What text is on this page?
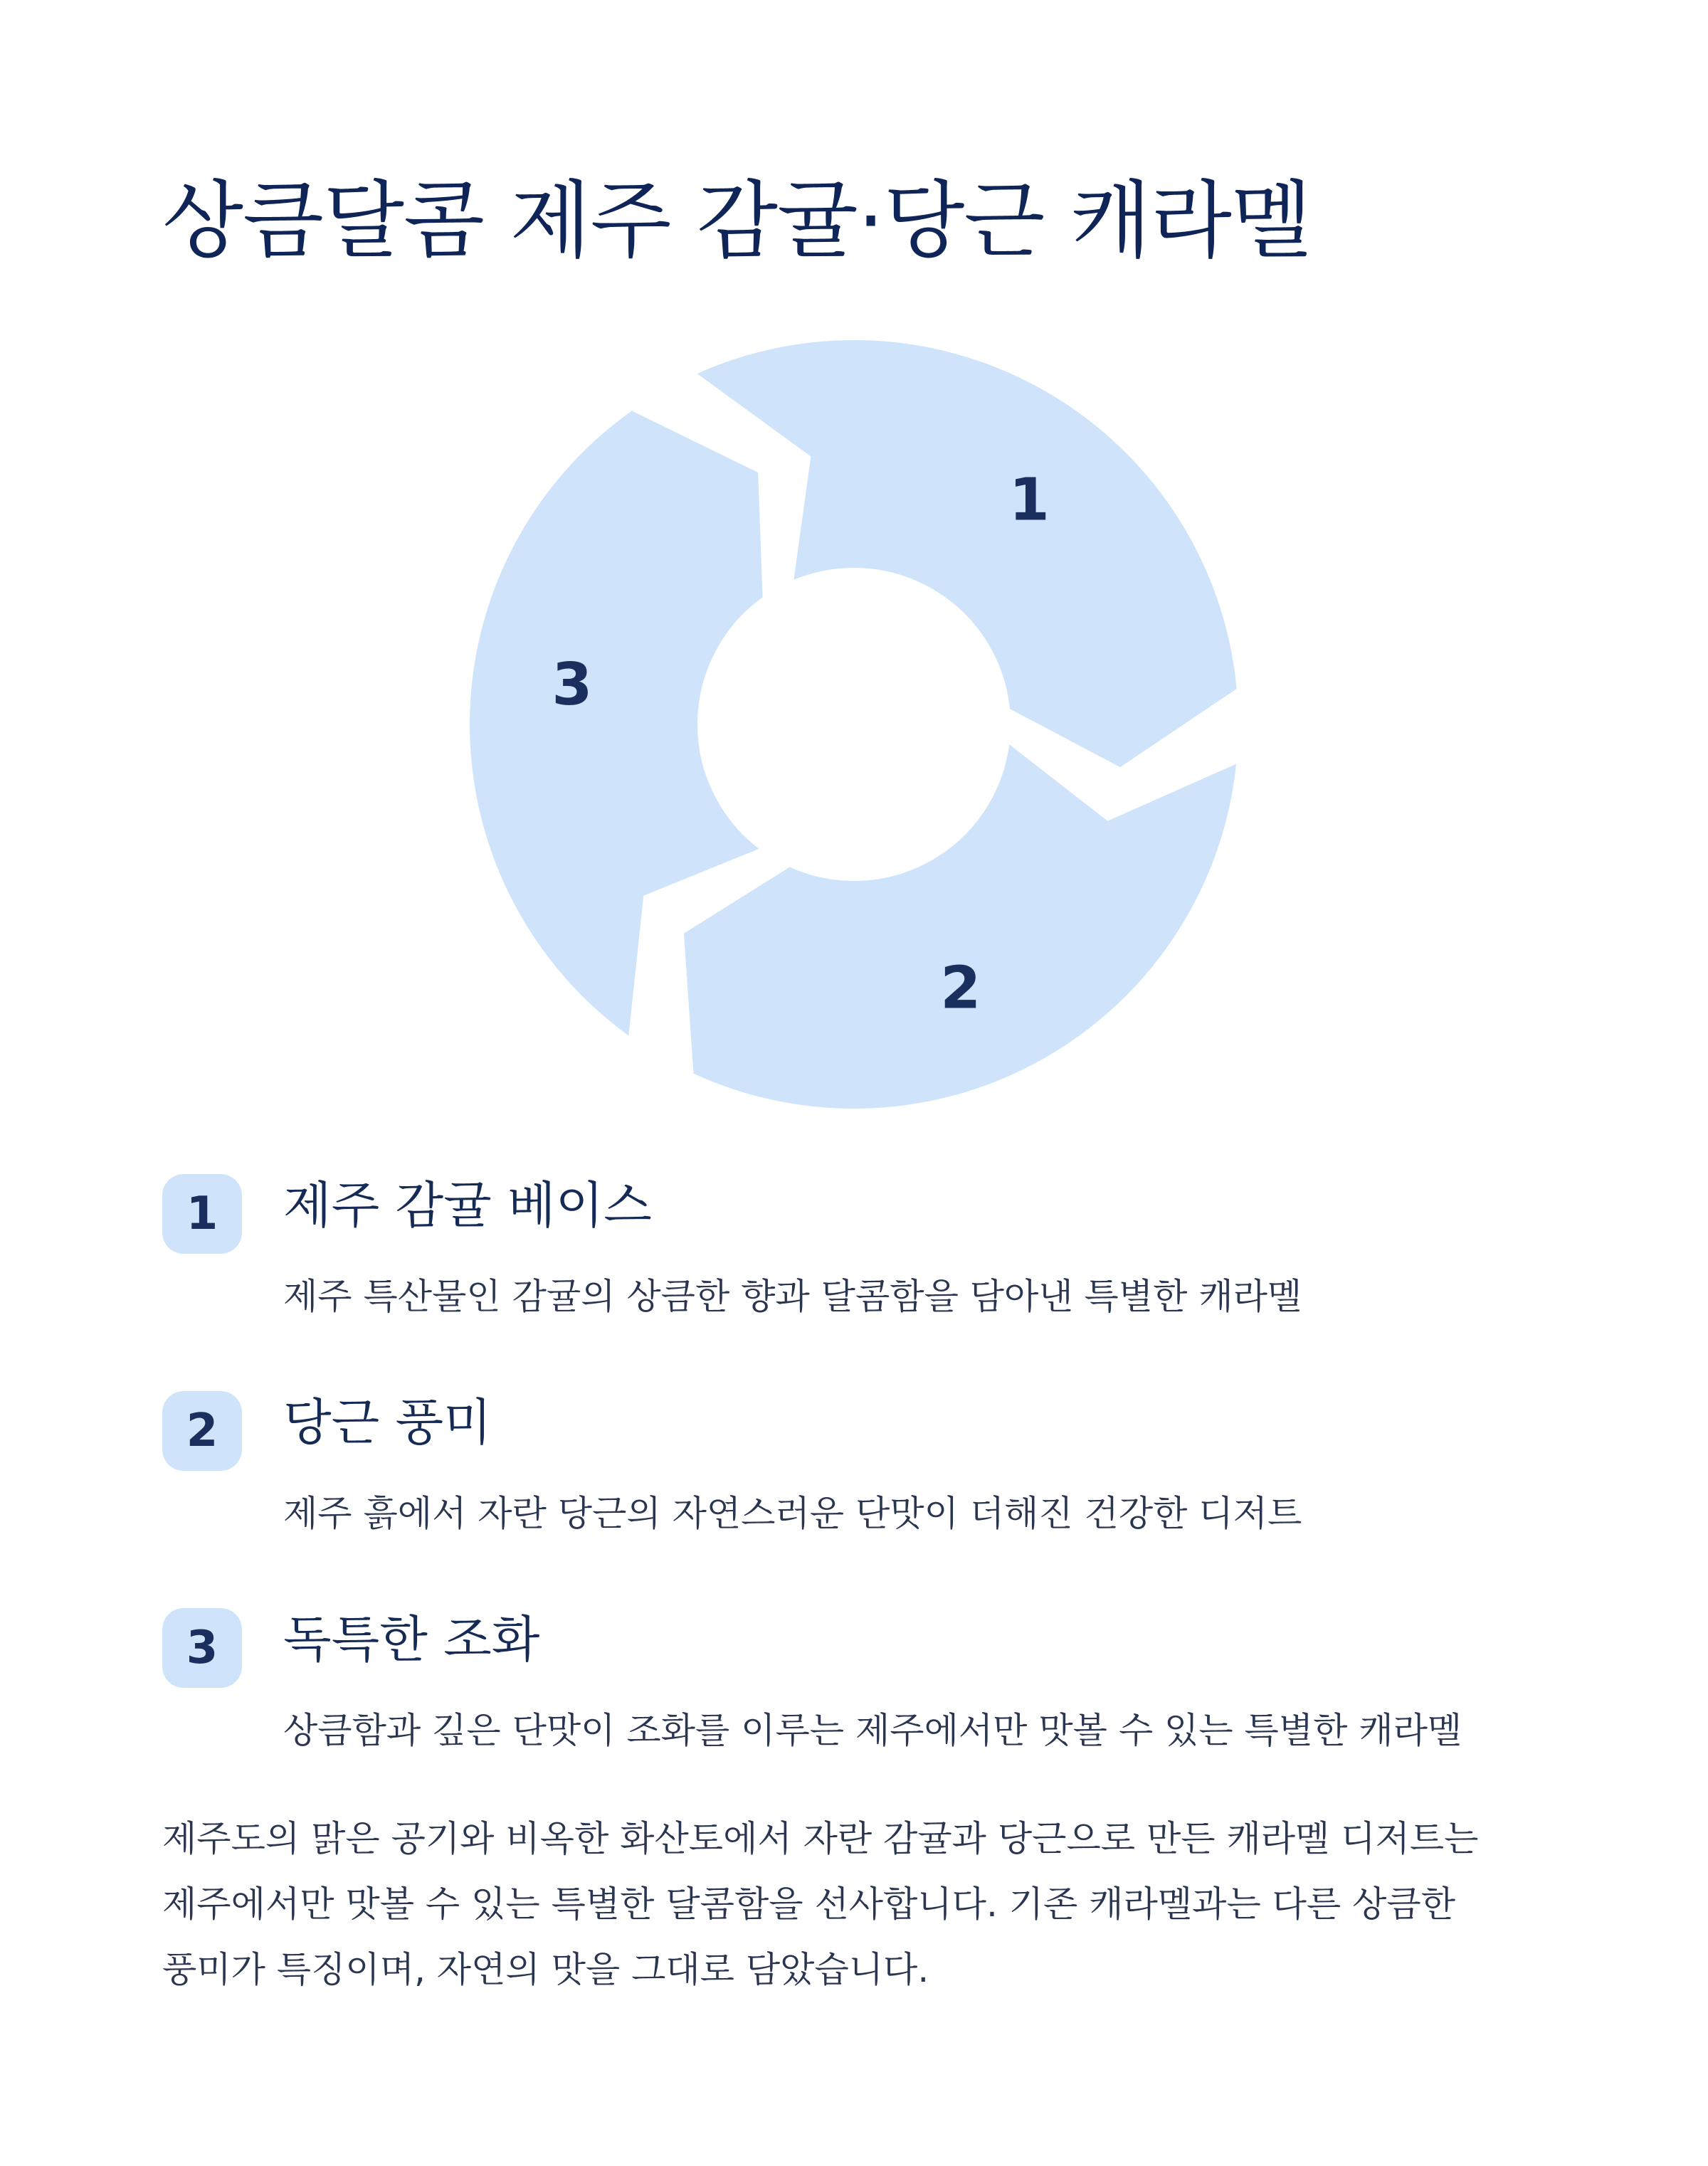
상큼달콤 제주 감귤·당근 캐라멜
1
2
3
1	제주 감귤 베이스
제주 특산물인 감귤의 상큼한 향과 달콤함을 담아낸 특별한 캐라멜
2	당근 풍미
제주 흙에서 자란 당근의 자연스러운 단맛이 더해진 건강한 디저트
3	독특한 조화
상큼함과 깊은 단맛이 조화를 이루는 제주에서만 맛볼 수 있는 특별한 캐라멜

제주도의 맑은 공기와 비옥한 화산토에서 자란 감귤과 당근으로 만든 캐라멜 디저트는

제주에서만 맛볼 수 있는 특별한 달콤함을 선사합니다. 기존 캐라멜과는 다른 상큼한

풍미가 특징이며, 자연의 맛을 그대로 담았습니다.
